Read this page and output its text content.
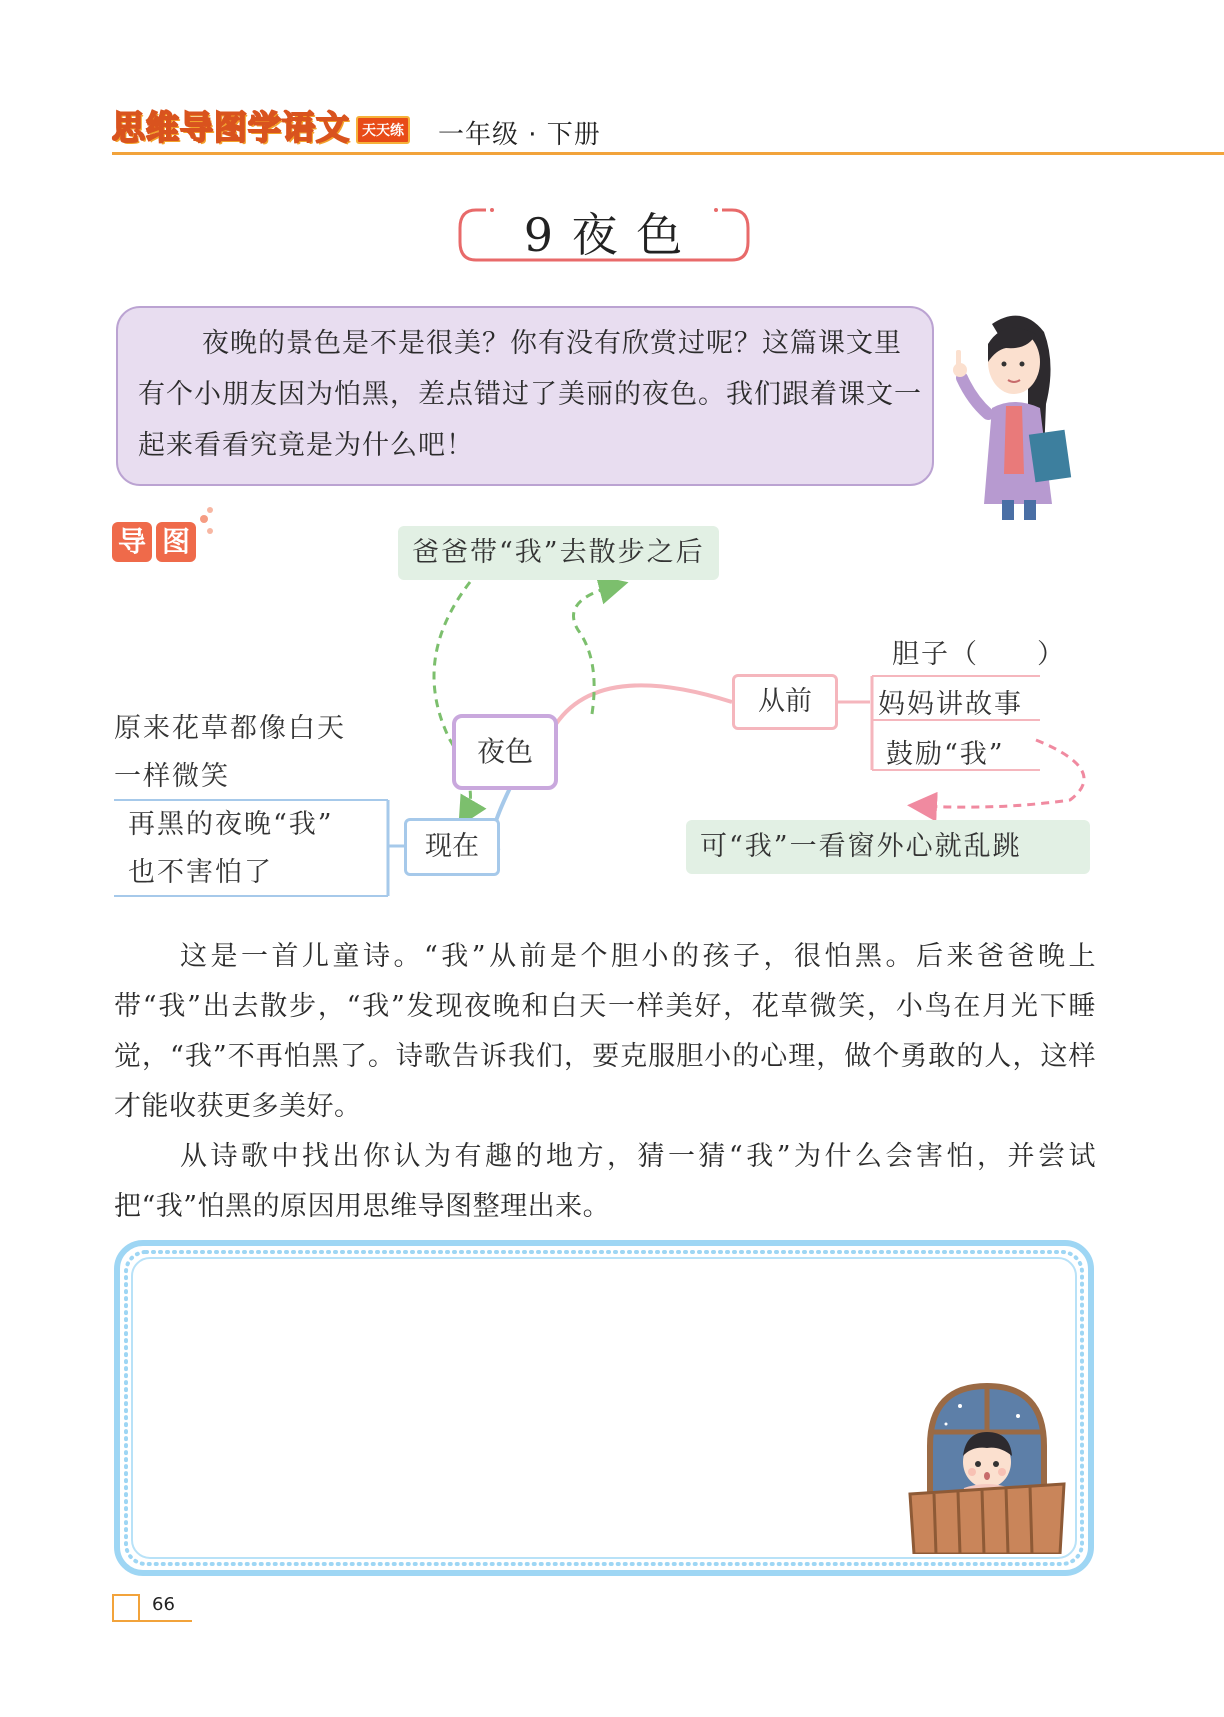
思维导图学语文 天天练 一年级 · 下册
9 夜 色
夜晚的景色是不是很美？你有没有欣赏过呢？这篇课文里有个小朋友因为怕黑，差点错过了美丽的夜色。我们跟着课文一起来看看究竟是为什么吧！
导 图	爸爸带“我”去散步之后
夜色
从前
胆子（　　）
妈妈讲故事
鼓励“我”
可“我”一看窗外心就乱跳
现在
原来花草都像白天
一样微笑
再黑的夜晚“我”
也不害怕了

这是一首儿童诗。“我”从前是个胆小的孩子，很怕黑。后来爸爸晚上带“我”出去散步，“我”发现夜晚和白天一样美好，花草微笑，小鸟在月光下睡觉，“我”不再怕黑了。诗歌告诉我们，要克服胆小的心理，做个勇敢的人，这样才能收获更多美好。

从诗歌中找出你认为有趣的地方，猜一猜“我”为什么会害怕，并尝试把“我”怕黑的原因用思维导图整理出来。

66
